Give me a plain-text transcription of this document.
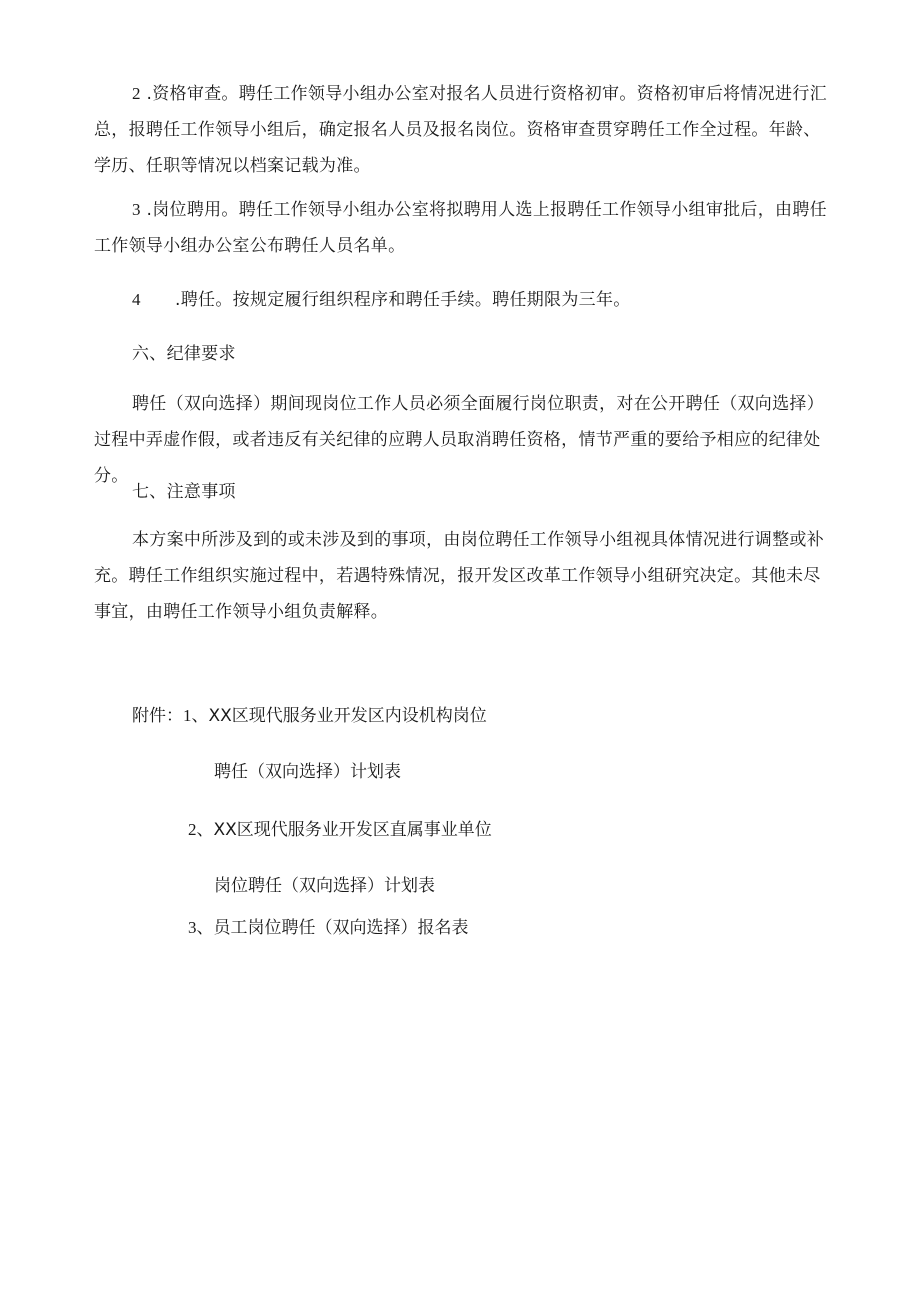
2 .资格审查。聘任工作领导小组办公室对报名人员进行资格初审。资格初审后将情况进行汇总，报聘任工作领导小组后，确定报名人员及报名岗位。资格审查贯穿聘任工作全过程。年龄、学历、任职等情况以档案记载为准。

3 .岗位聘用。聘任工作领导小组办公室将拟聘用人选上报聘任工作领导小组审批后，由聘任工作领导小组办公室公布聘任人员名单。

4 .聘任。按规定履行组织程序和聘任手续。聘任期限为三年。

六、纪律要求

聘任（双向选择）期间现岗位工作人员必须全面履行岗位职责，对在公开聘任（双向选择）过程中弄虚作假，或者违反有关纪律的应聘人员取消聘任资格，情节严重的要给予相应的纪律处分。

七、注意事项

本方案中所涉及到的或未涉及到的事项，由岗位聘任工作领导小组视具体情况进行调整或补充。聘任工作组织实施过程中，若遇特殊情况，报开发区改革工作领导小组研究决定。其他未尽事宜，由聘任工作领导小组负责解释。

附件：1、XX区现代服务业开发区内设机构岗位

聘任（双向选择）计划表

2、XX区现代服务业开发区直属事业单位

岗位聘任（双向选择）计划表

3、员工岗位聘任（双向选择）报名表
